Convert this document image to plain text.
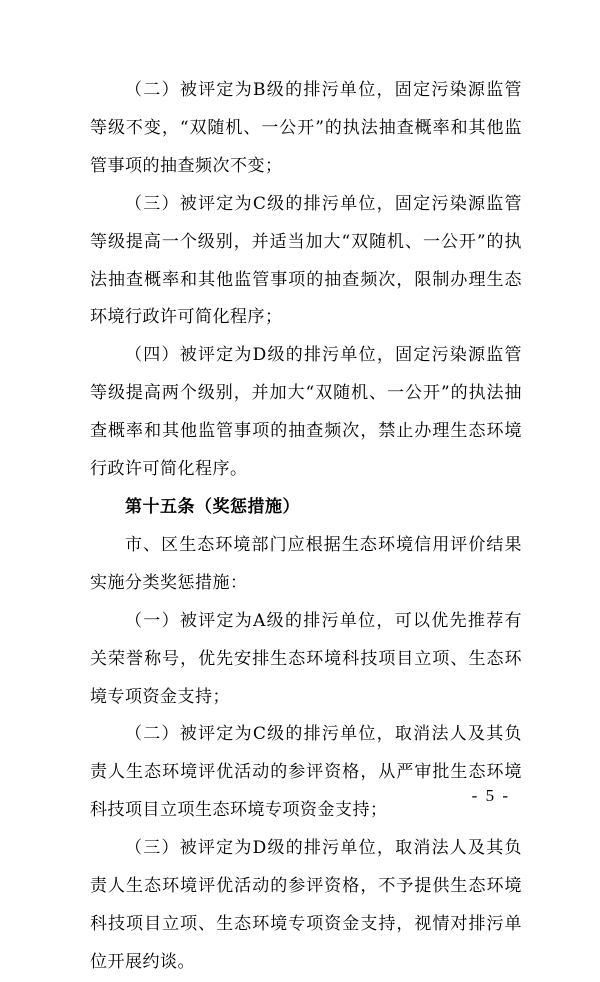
（二）被评定为B级的排污单位，固定污染源监管等级不变，“双随机、一公开”的执法抽查概率和其他监管事项的抽查频次不变；

（三）被评定为C级的排污单位，固定污染源监管等级提高一个级别，并适当加大“双随机、一公开”的执法抽查概率和其他监管事项的抽查频次，限制办理生态环境行政许可简化程序；

（四）被评定为D级的排污单位，固定污染源监管等级提高两个级别，并加大“双随机、一公开”的执法抽查概率和其他监管事项的抽查频次，禁止办理生态环境行政许可简化程序。

第十五条（奖惩措施）

市、区生态环境部门应根据生态环境信用评价结果实施分类奖惩措施：

（一）被评定为A级的排污单位，可以优先推荐有关荣誉称号，优先安排生态环境科技项目立项、生态环境专项资金支持；

（二）被评定为C级的排污单位，取消法人及其负责人生态环境评优活动的参评资格，从严审批生态环境科技项目立项生态环境专项资金支持；

（三）被评定为D级的排污单位，取消法人及其负责人生态环境评优活动的参评资格，不予提供生态环境科技项目立项、生态环境专项资金支持，视情对排污单位开展约谈。

- 5 -
